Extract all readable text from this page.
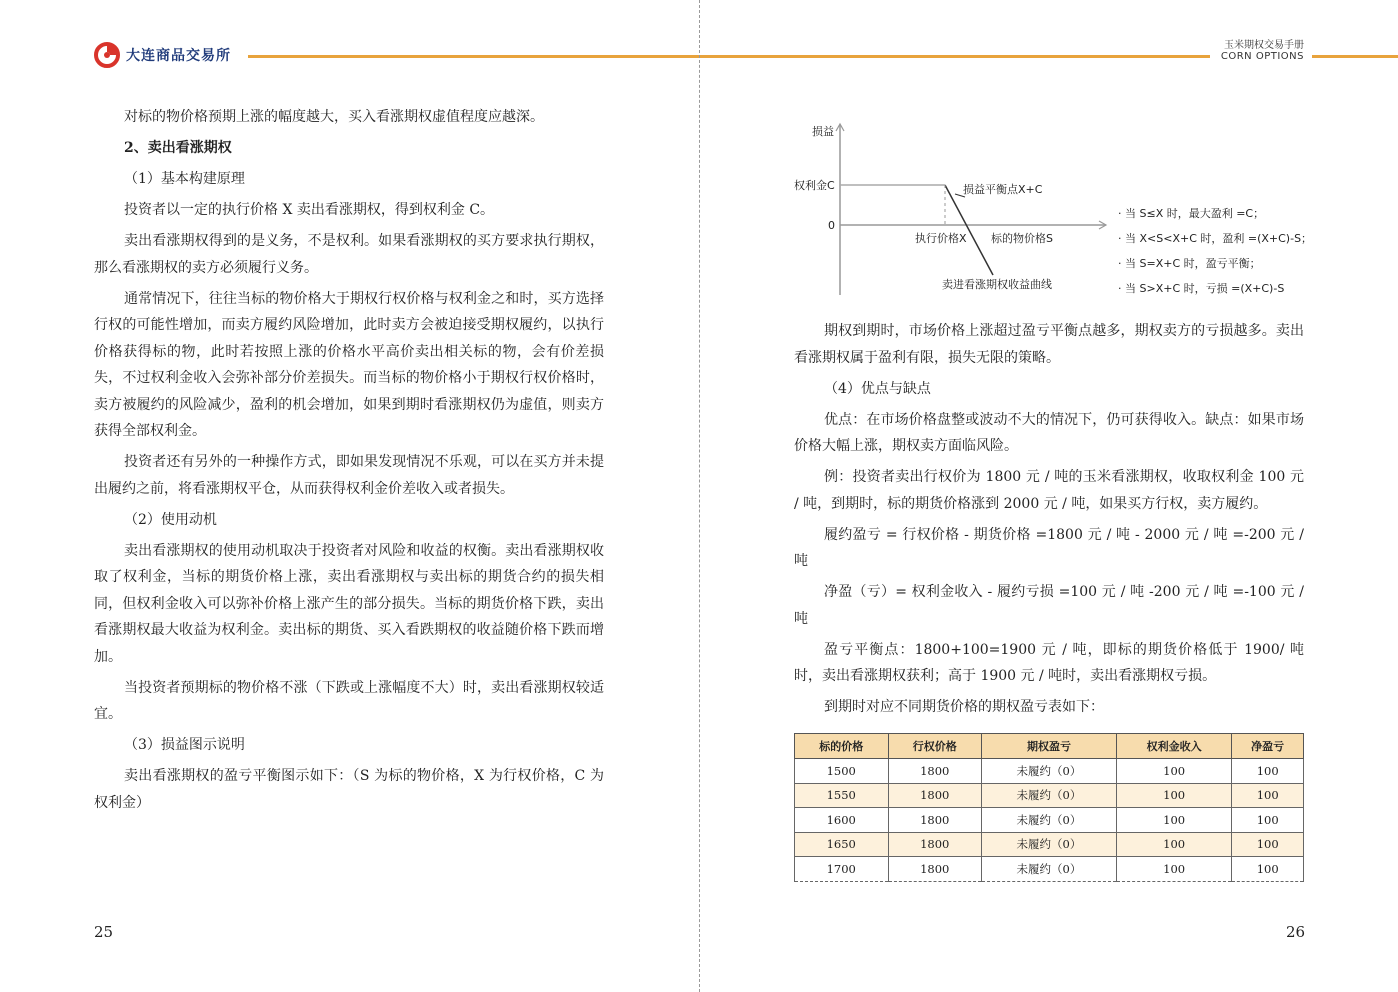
大连商品交易所

对标的物价格预期上涨的幅度越大，买入看涨期权虚值程度应越深。

2、卖出看涨期权

（1）基本构建原理

投资者以一定的执行价格 X 卖出看涨期权，得到权利金 C。

卖出看涨期权得到的是义务，不是权利。如果看涨期权的买方要求执行期权，那么看涨期权的卖方必须履行义务。

通常情况下，往往当标的物价格大于期权行权价格与权利金之和时，买方选择行权的可能性增加，而卖方履约风险增加，此时卖方会被迫接受期权履约，以执行价格获得标的物，此时若按照上涨的价格水平高价卖出相关标的物，会有价差损失，不过权利金收入会弥补部分价差损失。而当标的物价格小于期权行权价格时，卖方被履约的风险减少，盈利的机会增加，如果到期时看涨期权仍为虚值，则卖方获得全部权利金。

投资者还有另外的一种操作方式，即如果发现情况不乐观，可以在买方并未提出履约之前，将看涨期权平仓，从而获得权利金价差收入或者损失。

（2）使用动机

卖出看涨期权的使用动机取决于投资者对风险和收益的权衡。卖出看涨期权收取了权利金，当标的期货价格上涨，卖出看涨期权与卖出标的期货合约的损失相同，但权利金收入可以弥补价格上涨产生的部分损失。当标的期货价格下跌，卖出看涨期权最大收益为权利金。卖出标的期货、买入看跌期权的收益随价格下跌而增加。

当投资者预期标的物价格不涨（下跌或上涨幅度不大）时，卖出看涨期权较适宜。

（3）损益图示说明

卖出看涨期权的盈亏平衡图示如下：（S 为标的物价格，X 为行权价格，C 为权利金）

25
玉米期权交易手册
CORN OPTIONS
损益
权利金C
0
损益平衡点X+C
执行价格X 标的物价格S
卖进看涨期权收益曲线
· 当 S≤X 时，最大盈利 =C；
· 当 X<S<X+C 时，盈利 =(X+C)-S；
· 当 S=X+C 时，盈亏平衡；
· 当 S>X+C 时，亏损 =(X+C)-S

期权到期时，市场价格上涨超过盈亏平衡点越多，期权卖方的亏损越多。卖出看涨期权属于盈利有限，损失无限的策略。

（4）优点与缺点

优点：在市场价格盘整或波动不大的情况下，仍可获得收入。缺点：如果市场价格大幅上涨，期权卖方面临风险。

例：投资者卖出行权价为 1800 元 / 吨的玉米看涨期权，收取权利金 100 元 / 吨，到期时，标的期货价格涨到 2000 元 / 吨，如果买方行权，卖方履约。

履约盈亏 = 行权价格 - 期货价格 =1800 元 / 吨 - 2000 元 / 吨 =-200 元 / 吨

净盈（亏）= 权利金收入 - 履约亏损 =100 元 / 吨 -200 元 / 吨 =-100 元 / 吨

盈亏平衡点：1800+100=1900 元 / 吨，即标的期货价格低于 1900/ 吨时，卖出看涨期权获利；高于 1900 元 / 吨时，卖出看涨期权亏损。

到期时对应不同期货价格的期权盈亏表如下：

标的价格	行权价格	期权盈亏	权利金收入	净盈亏
1500	1800	未履约（0）	100	100
1550	1800	未履约（0）	100	100
1600	1800	未履约（0）	100	100
1650	1800	未履约（0）	100	100
1700	1800	未履约（0）	100	100
26
